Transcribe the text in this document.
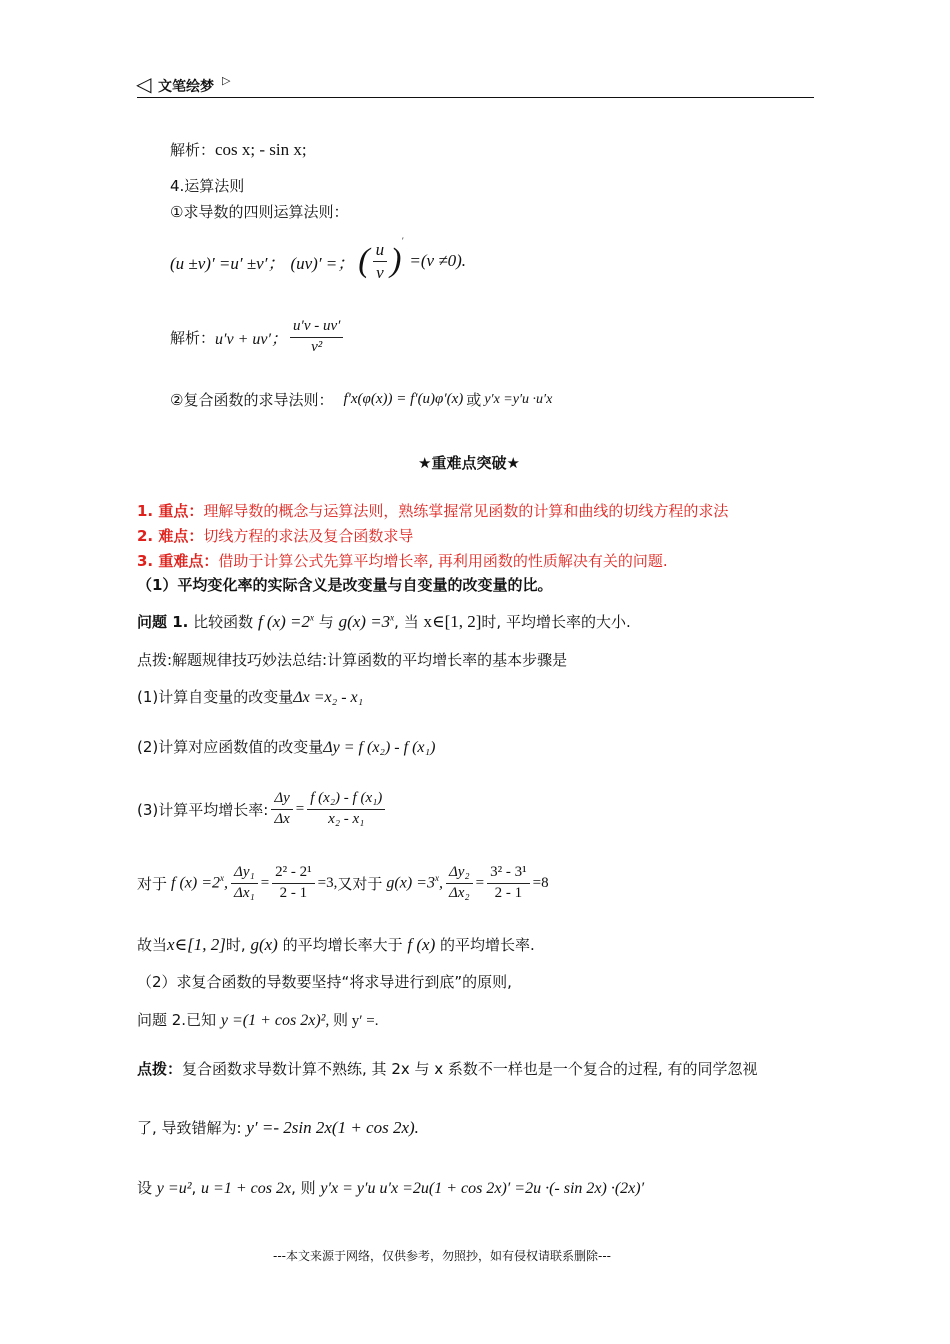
◁ 文笔绘梦 ▷
解析：cos x; - sin x;
4.运算法则
①求导数的四则运算法则：
(u ±v)′ =u′ ±v′； (uv)′ =； ( $\frac{u}{v}$ )
′
=(v ≠0).
解析： u′v + uv′； $\frac{u'v - uv'}{\text{v²}}$
②复合函数的求导法则： f′x(φ(x)) = f′(u)φ′(x) 或 y′x =y′u ·u′x
★重难点突破★
1. 重点：理解导数的概念与运算法则，熟练掌握常见函数的计算和曲线的切线方程的求法
2. 难点：切线方程的求法及复合函数求导
3. 重难点：借助于计算公式先算平均增长率, 再利用函数的性质解决有关的问题.
（1）平均变化率的实际含义是改变量与自变量的改变量的比。
问题 1. 比较函数 f $(x) =2^x$ 与 $g(x) =3^x$, 当 x∈[1, 2]时, 平均增长率的大小.
点拨:解题规律技巧妙法总结:计算函数的平均增长率的基本步骤是
(1)计算自变量的改变量Δx =x₂ - x₁
(2)计算对应函数值的改变量Δy = f (x₂) - f (x₁)
(3)计算平均增长率: $\frac{\Delta y}{\Delta x} = \frac{\text{f (x₂) - f (x₁)}}{\text{x₂ - x₁}}$
对于 f $(x) =2^x$, $\frac{\text{Δy₁}}{\text{Δx₁}} = \frac{\text{2² - 2¹}}{2 - 1} =3$, 又对于 $g(x) =3^x$, $\frac{\text{Δy₂}}{\text{Δx₂}} = \frac{\text{3² - 3¹}}{2 - 1} =8$
故当x∈[1, 2]时, g(x) 的平均增长率大于 f (x) 的平均增长率.
（2）求复合函数的导数要坚持“将求导进行到底”的原则,
问题 2.已知 y =(1 + cos 2x)², 则 y′ =.
点拨：复合函数求导数计算不熟练, 其 2x 与 x 系数不一样也是一个复合的过程, 有的同学忽视
了, 导致错解为: y′ =- 2sin 2x(1 + cos 2x).
设 y =u², u =1 + cos 2x, 则 y′x = y′u u′x =2u(1 + cos 2x)′ =2u ·(- sin 2x) ·(2x)′
---本文来源于网络，仅供参考，勿照抄，如有侵权请联系删除---
